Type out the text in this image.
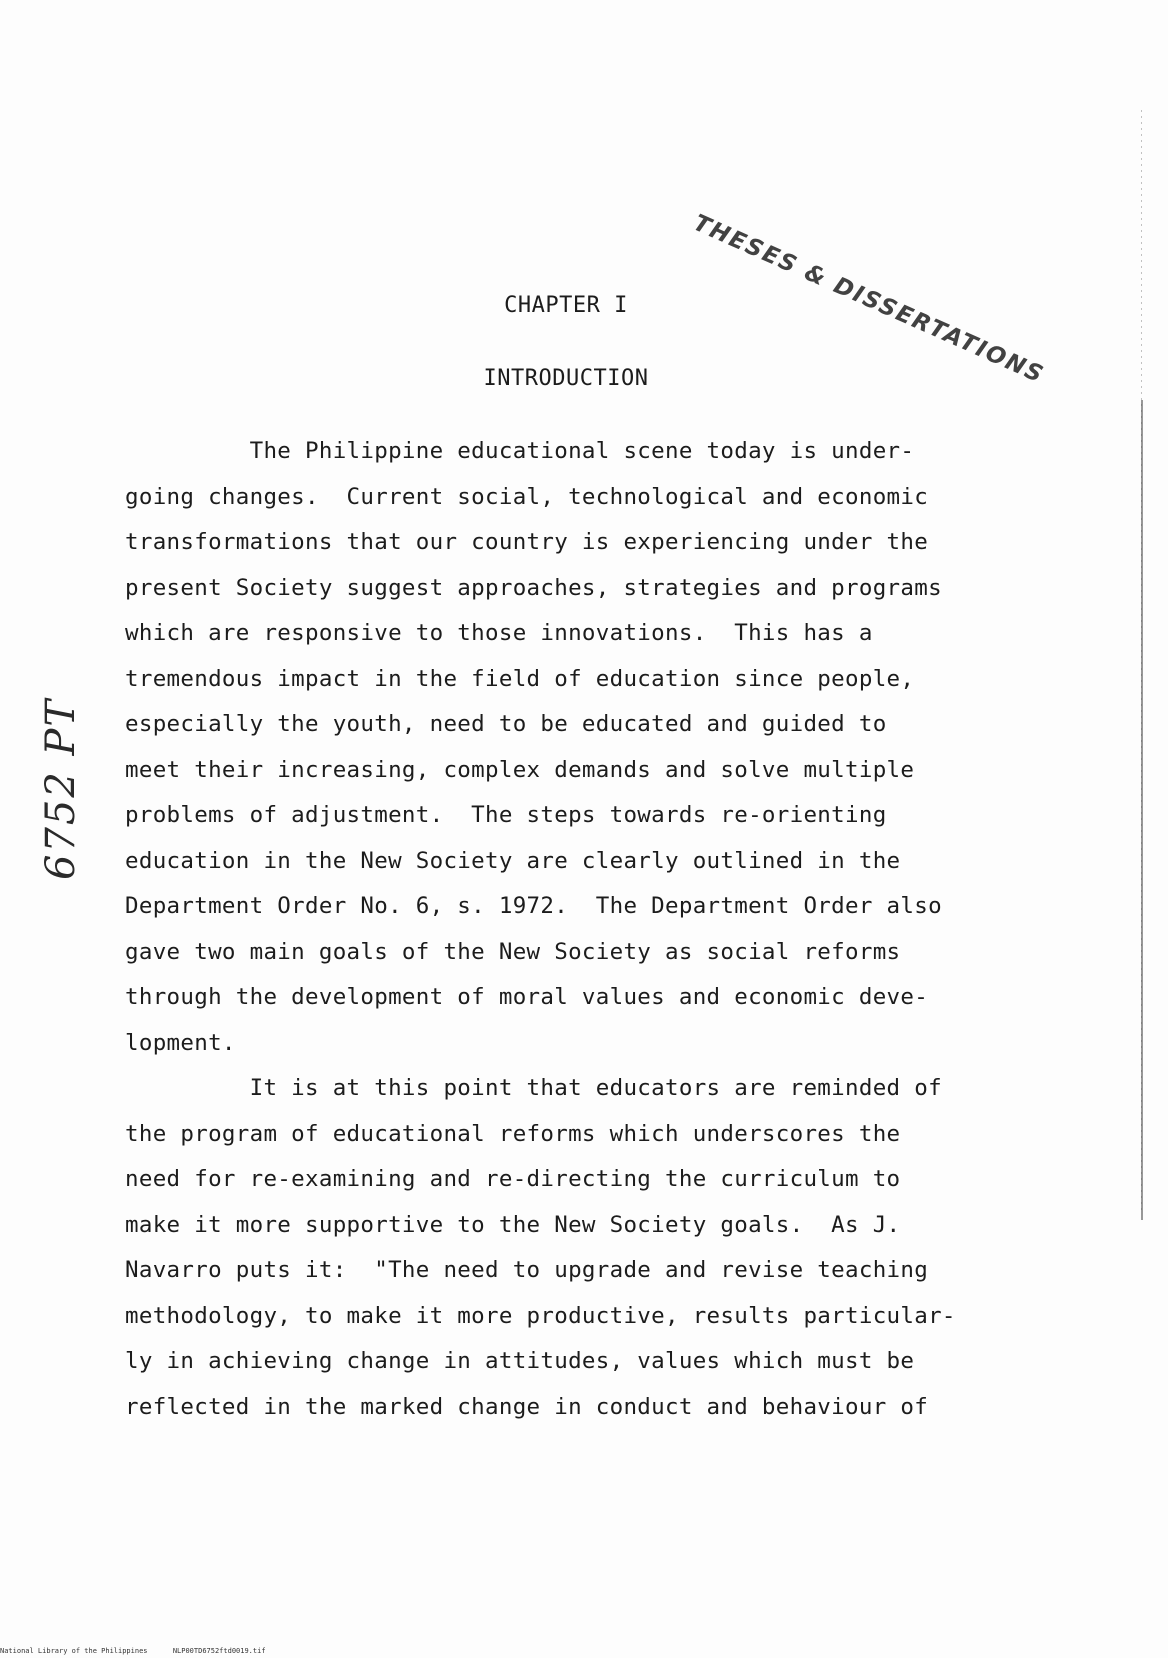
THESES & DISSERTATIONS
CHAPTER I
INTRODUCTION
6752 PT
The Philippine educational scene today is under-
going changes.  Current social, technological and economic
transformations that our country is experiencing under the
present Society suggest approaches, strategies and programs
which are responsive to those innovations.  This has a
tremendous impact in the field of education since people,
especially the youth, need to be educated and guided to
meet their increasing, complex demands and solve multiple
problems of adjustment.  The steps towards re-orienting
education in the New Society are clearly outlined in the
Department Order No. 6, s. 1972.  The Department Order also
gave two main goals of the New Society as social reforms
through the development of moral values and economic deve-
lopment.
It is at this point that educators are reminded of
the program of educational reforms which underscores the
need for re-examining and re-directing the curriculum to
make it more supportive to the New Society goals.  As J.
Navarro puts it:  "The need to upgrade and revise teaching
methodology, to make it more productive, results particular-
ly in achieving change in attitudes, values which must be
reflected in the marked change in conduct and behaviour of
National Library of the Philippines	NLP00TD6752ftd0019.tif
